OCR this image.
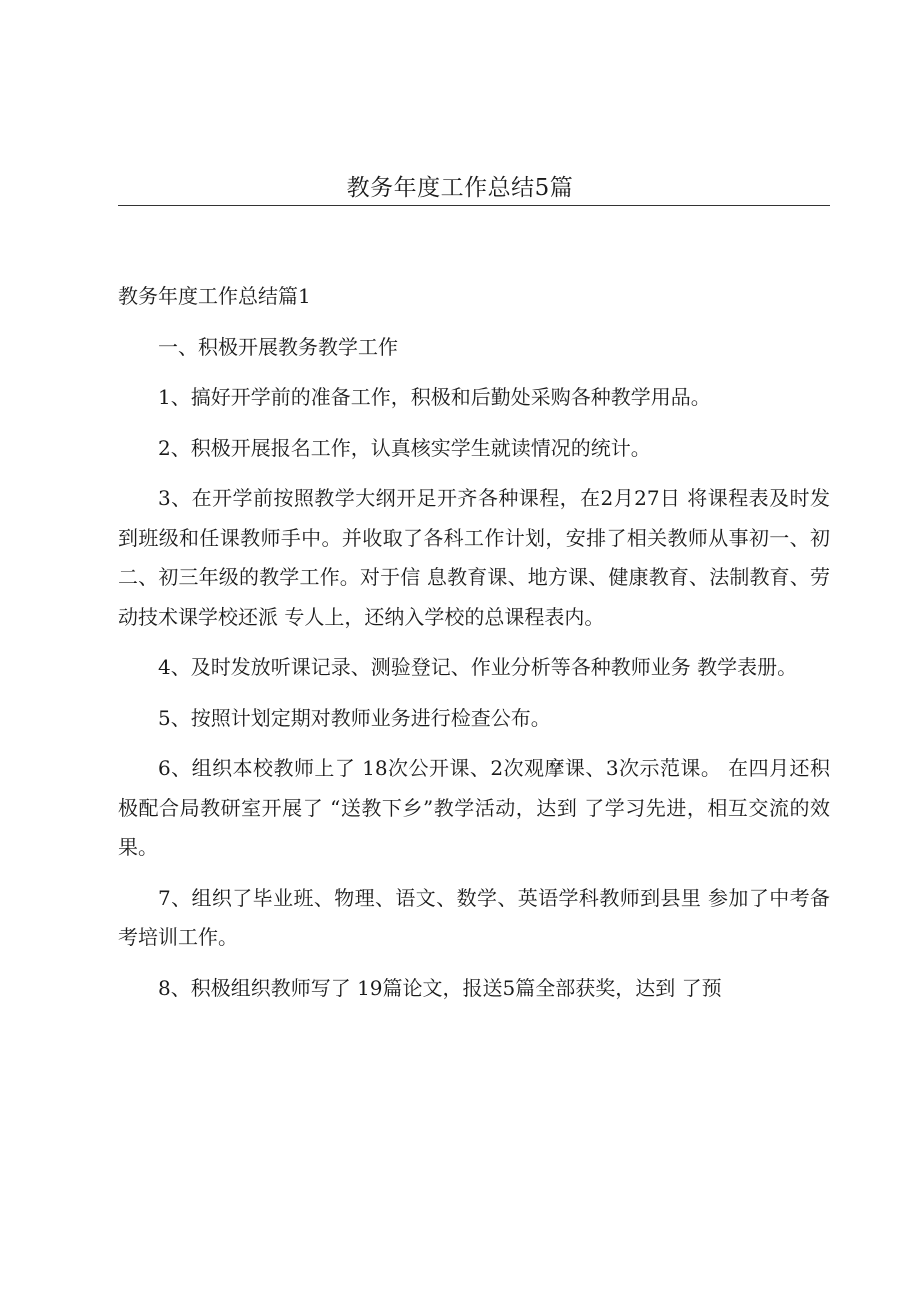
教务年度工作总结5篇

教务年度工作总结篇1

一、积极开展教务教学工作

1、搞好开学前的准备工作，积极和后勤处采购各种教学用品。

2、积极开展报名工作，认真核实学生就读情况的统计。

3、在开学前按照教学大纲开足开齐各种课程，在2月27日 将课程表及时发到班级和任课教师手中。并收取了各科工作计划，安排了相关教师从事初一、初二、初三年级的教学工作。对于信 息教育课、地方课、健康教育、法制教育、劳动技术课学校还派 专人上，还纳入学校的总课程表内。

4、及时发放听课记录、测验登记、作业分析等各种教师业务 教学表册。

5、按照计划定期对教师业务进行检查公布。

6、组织本校教师上了 18次公开课、2次观摩课、3次示范课。 在四月还积极配合局教研室开展了 “送教下乡”教学活动，达到 了学习先进，相互交流的效果。

7、组织了毕业班、物理、语文、数学、英语学科教师到县里 参加了中考备考培训工作。

8、积极组织教师写了 19篇论文，报送5篇全部获奖，达到 了预
